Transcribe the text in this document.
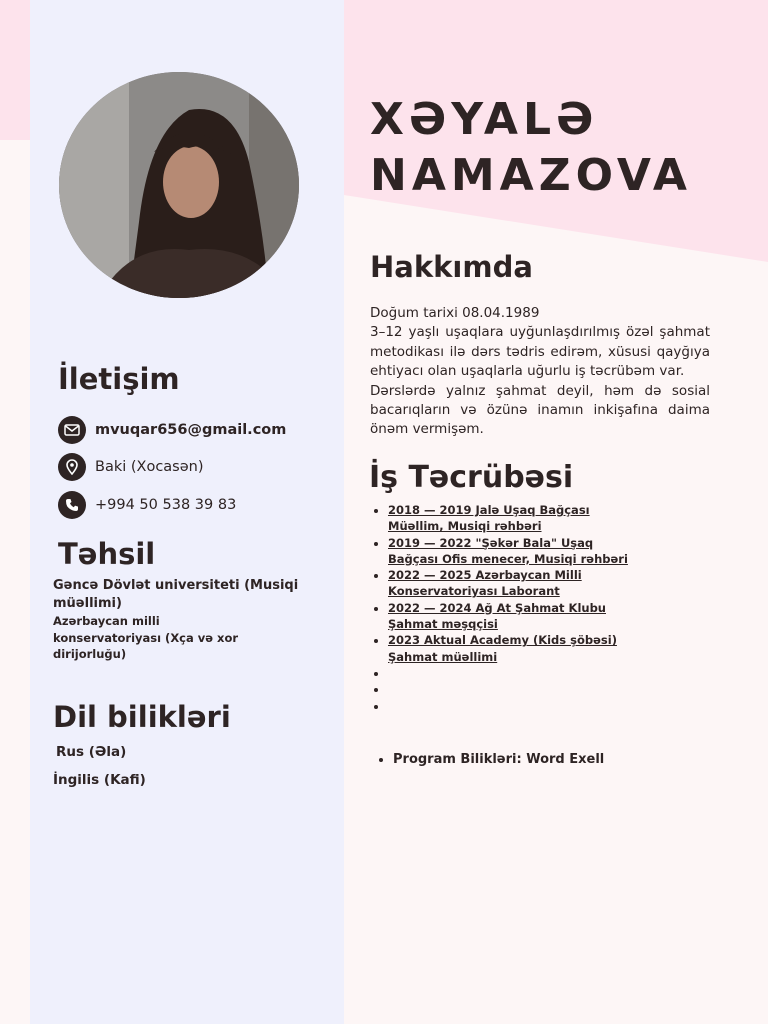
XƏYALƏ
NAMAZOVA
Hakkımda

Doğum tarixi 08.04.1989

3–12 yaşlı uşaqlara uyğunlaşdırılmış özəl şahmat metodikası ilə dərs tədris edirəm, xüsusi qayğıya ehtiyacı olan uşaqlarla uğurlu iş təcrübəm var.

Dərslərdə yalnız şahmat deyil, həm də sosial bacarıqların və özünə inamın inkişafına daima önəm vermişəm.

İş Təcrübəsi
• 2018 — 2019 Jalə Uşaq Bağçası
Müəllim, Musiqi rəhbəri
• 2019 — 2022 "Şəkər Bala" Uşaq
Bağçası Ofis menecer, Musiqi rəhbəri
• 2022 — 2025 Azərbaycan Milli
Konservatoriyası Laborant
• 2022 — 2024 Ağ At Şahmat Klubu
Şahmat məşqçisi
• 2023 Aktual Academy (Kids şöbəsi)
Şahmat müəllimi
•
•
•
• Program Bilikləri: Word Exell
İletişim
mvuqar656@gmail.com
Baki (Xocasən)
+994 50 538 39 83
Təhsil

Gəncə Dövlət universiteti (Musiqi müəllimi)

Azərbaycan milli konservatoriyası (Xça və xor dirijorluğu)

Dil bilikləri

Rus (Əla)

İngilis (Kafi)
